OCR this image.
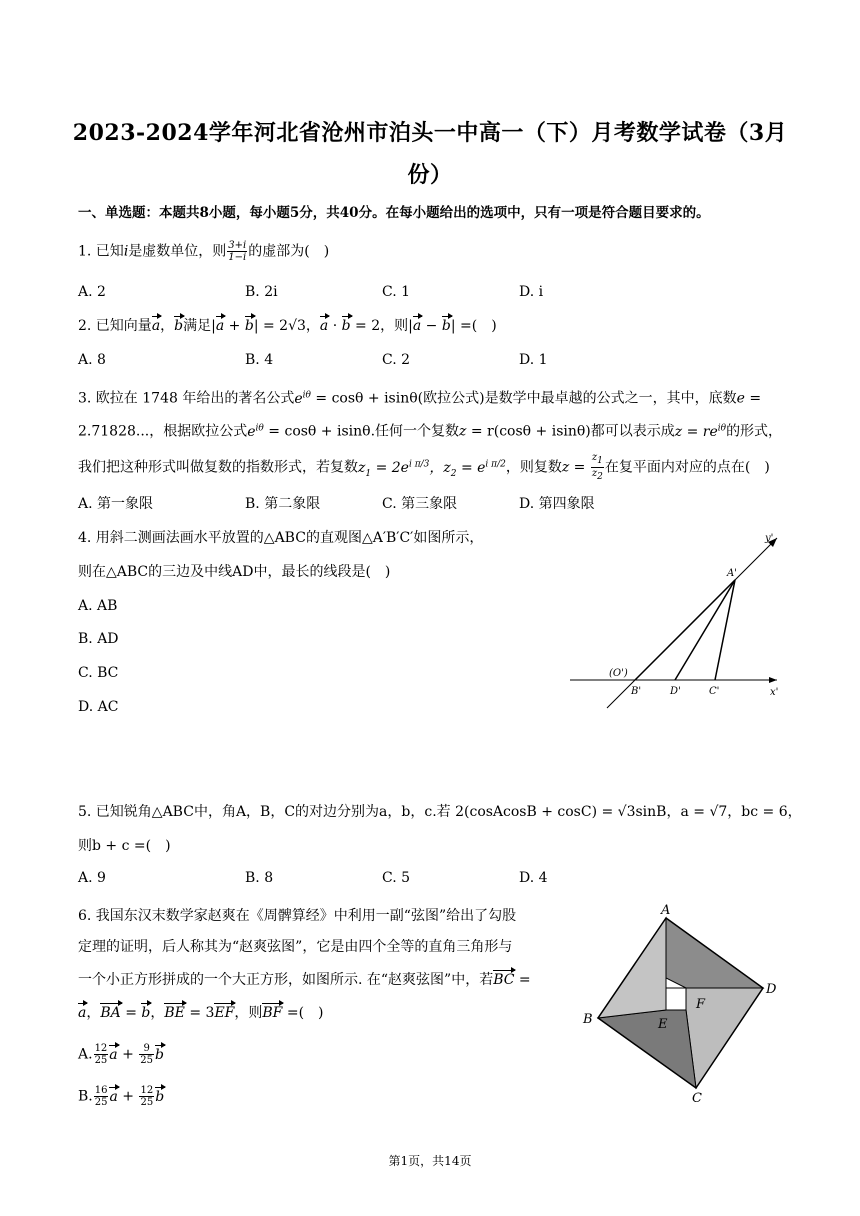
2023-2024学年河北省沧州市泊头一中高一（下）月考数学试卷（3月
份）
一、单选题：本题共8小题，每小题5分，共40分。在每小题给出的选项中，只有一项是符合题目要求的。
1. 已知i是虚数单位，则 $\frac{3+i}{1-i}$ 的虚部为(　)
A. 2	B. 2i	C. 1	D. i
2. 已知向量a，b满足|a + b| = 2√3，a · b = 2，则|a − b| =(　)
A. 8	B. 4	C. 2	D. 1
3. 欧拉在 1748 年给出的著名公式$e^{i\theta} = \cos\theta + isin\theta$(欧拉公式)是数学中最卓越的公式之一，其中，底数e =
2.71828...，根据欧拉公式$e^{i\theta} = \cos\theta + isin\theta$.任何一个复数z = r(cosθ + isinθ)都可以表示成$z = re^{i\theta}$的形式，
我们把这种形式叫做复数的指数形式，若复数$z_1 = 2e^{i \pi/3}$，$z_2 = e^{i \pi/2}$，则复数$z = \frac{z_1}{z_2}$ 在复平面内对应的点在(　)
A. 第一象限	B. 第二象限	C. 第三象限	D. 第四象限
4. 用斜二测画法画水平放置的△ABC的直观图△A′B′C′如图所示，
则在△ABC的三边及中线AD中，最长的线段是(　)
A. AB
B. AD
C. BC
D. AC
y'
x'
A'
(O')
B'	D'	C'
5. 已知锐角△ABC中，角A，B，C的对边分别为a，b，c.若 2(cosAcosB + cosC) = √3sinB，a = √7，bc = 6，
则b + c =(　)
A. 9	B. 8	C. 5	D. 4
6. 我国东汉末数学家赵爽在《周髀算经》中利用一副“弦图”给出了勾股
定理的证明，后人称其为“赵爽弦图”，它是由四个全等的直角三角形与
一个小正方形拼成的一个大正方形，如图所示. 在“赵爽弦图”中，若BC =
a，BA = b，BE = 3EF，则BF =(　)
A. $\frac{12}{25}$ $a + \frac{9}{25}$ b
B. $\frac{16}{25}$ $a + \frac{12}{25}$ b
A
D
C
B	E
F
第1页，共14页
